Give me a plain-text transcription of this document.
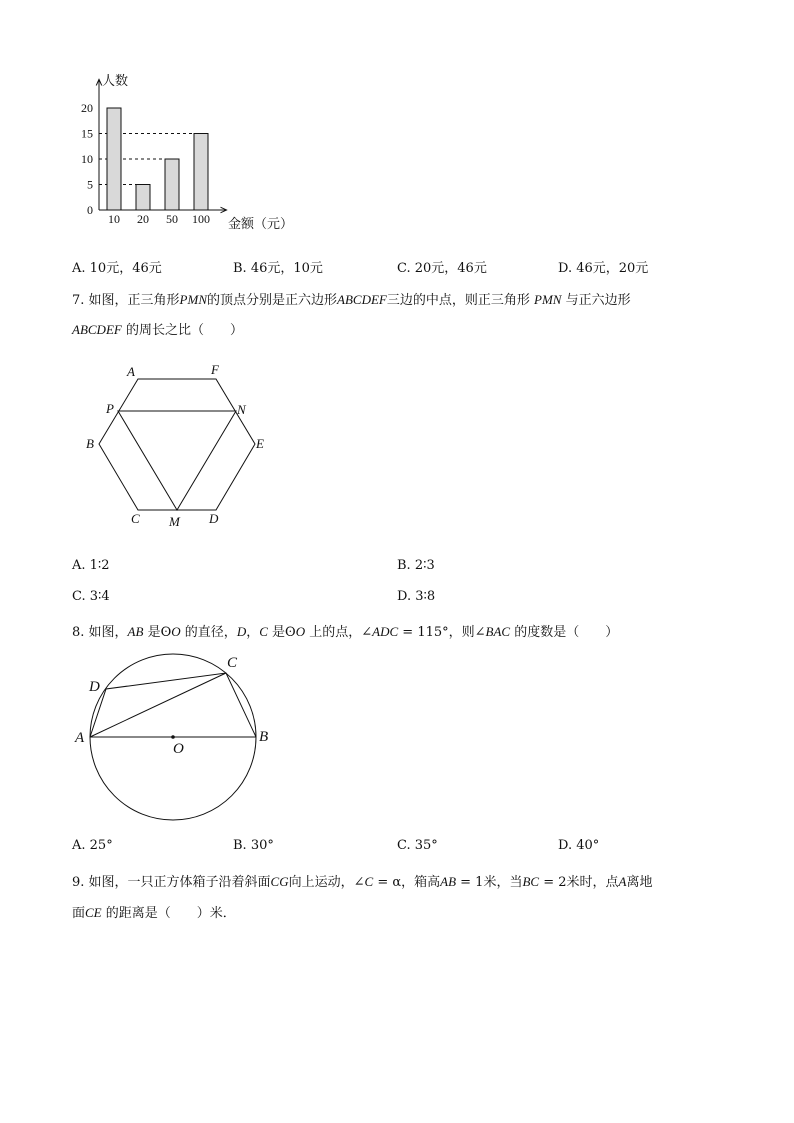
0
5
10
15
20
10 20 50 100
人数
金额（元）
A. 10元，46元	B. 46元，10元	C. 20元，46元	D. 46元，20元
7. 如图，正三角形PMN的顶点分别是正六边形ABCDEF三边的中点，则正三角形 PMN 与正六边形
ABCDEF 的周长之比（　　）
A	F
P	N
B	E
C M D
A. 1∶2	B. 2∶3
C. 3∶4	D. 3∶8
8. 如图，AB 是ʘO 的直径，D，C 是ʘO 上的点，∠ADC = 115°，则∠BAC 的度数是（　　）
C
D
A	B
O
A. 25°	B. 30°	C. 35°	D. 40°
9. 如图，一只正方体箱子沿着斜面CG向上运动，∠C = α，箱高AB = 1米，当BC = 2米时，点A离地
面CE 的距离是（　　）米．
